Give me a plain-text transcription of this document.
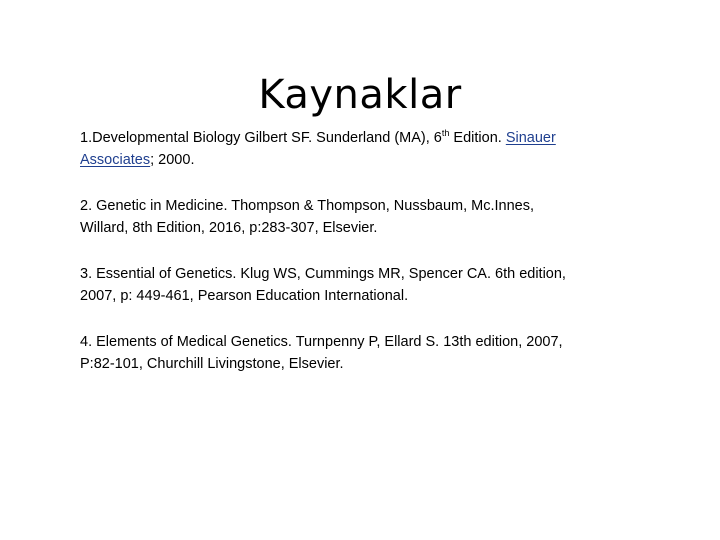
Kaynaklar
1.Developmental Biology Gilbert SF. Sunderland (MA), 6th Edition. Sinauer
Associates; 2000.
2. Genetic in Medicine. Thompson & Thompson, Nussbaum, Mc.Innes,
Willard, 8th Edition, 2016, p:283-307, Elsevier.
3. Essential of Genetics. Klug WS, Cummings MR, Spencer CA. 6th edition,
2007, p: 449-461, Pearson Education International.
4. Elements of Medical Genetics. Turnpenny P, Ellard S. 13th edition, 2007,
P:82-101, Churchill Livingstone, Elsevier.
